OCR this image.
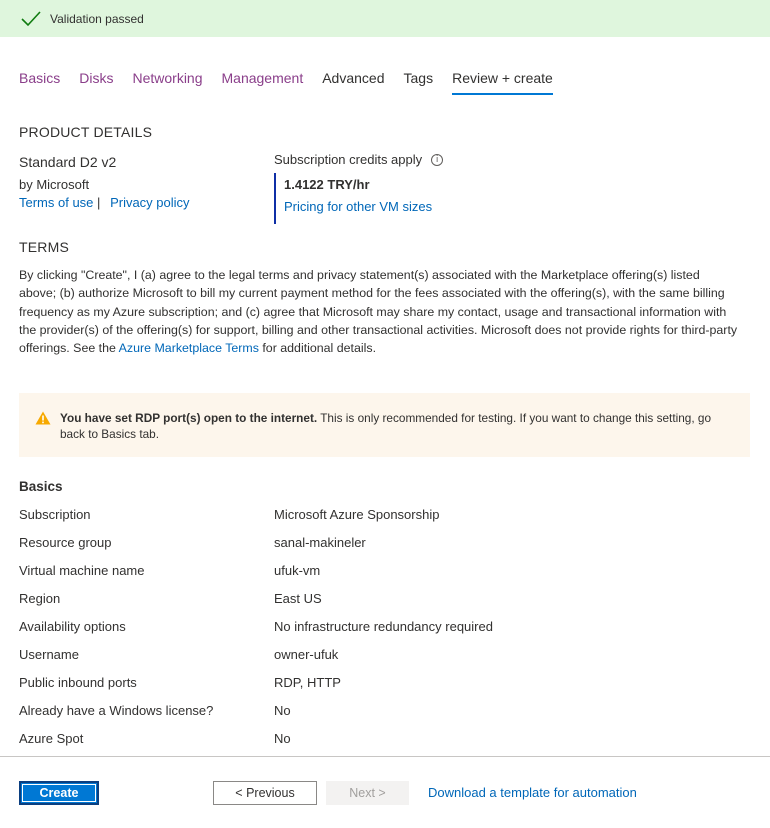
Validation passed
Basics Disks Networking Management Advanced Tags Review + create
PRODUCT DETAILS
Standard D2 v2
by Microsoft
Terms of use | Privacy policy
Subscription credits apply	i
1.4122 TRY/hr
Pricing for other VM sizes
TERMS
By clicking "Create", I (a) agree to the legal terms and privacy statement(s) associated with the Marketplace offering(s) listed above; (b) authorize Microsoft to bill my current payment method for the fees associated with the offering(s), with the same billing frequency as my Azure subscription; and (c) agree that Microsoft may share my contact, usage and transactional information with the provider(s) of the offering(s) for support, billing and other transactional activities. Microsoft does not provide rights for third-party offerings. See the Azure Marketplace Terms for additional details.
You have set RDP port(s) open to the internet. This is only recommended for testing. If you want to change this setting, go back to Basics tab.
Basics
Subscription	Microsoft Azure Sponsorship
Resource group	sanal-makineler
Virtual machine name	ufuk-vm
Region	East US
Availability options	No infrastructure redundancy required
Username	owner-ufuk
Public inbound ports	RDP, HTTP
Already have a Windows license?	No
Azure Spot	No
Create	< Previous	Next >	Download a template for automation
